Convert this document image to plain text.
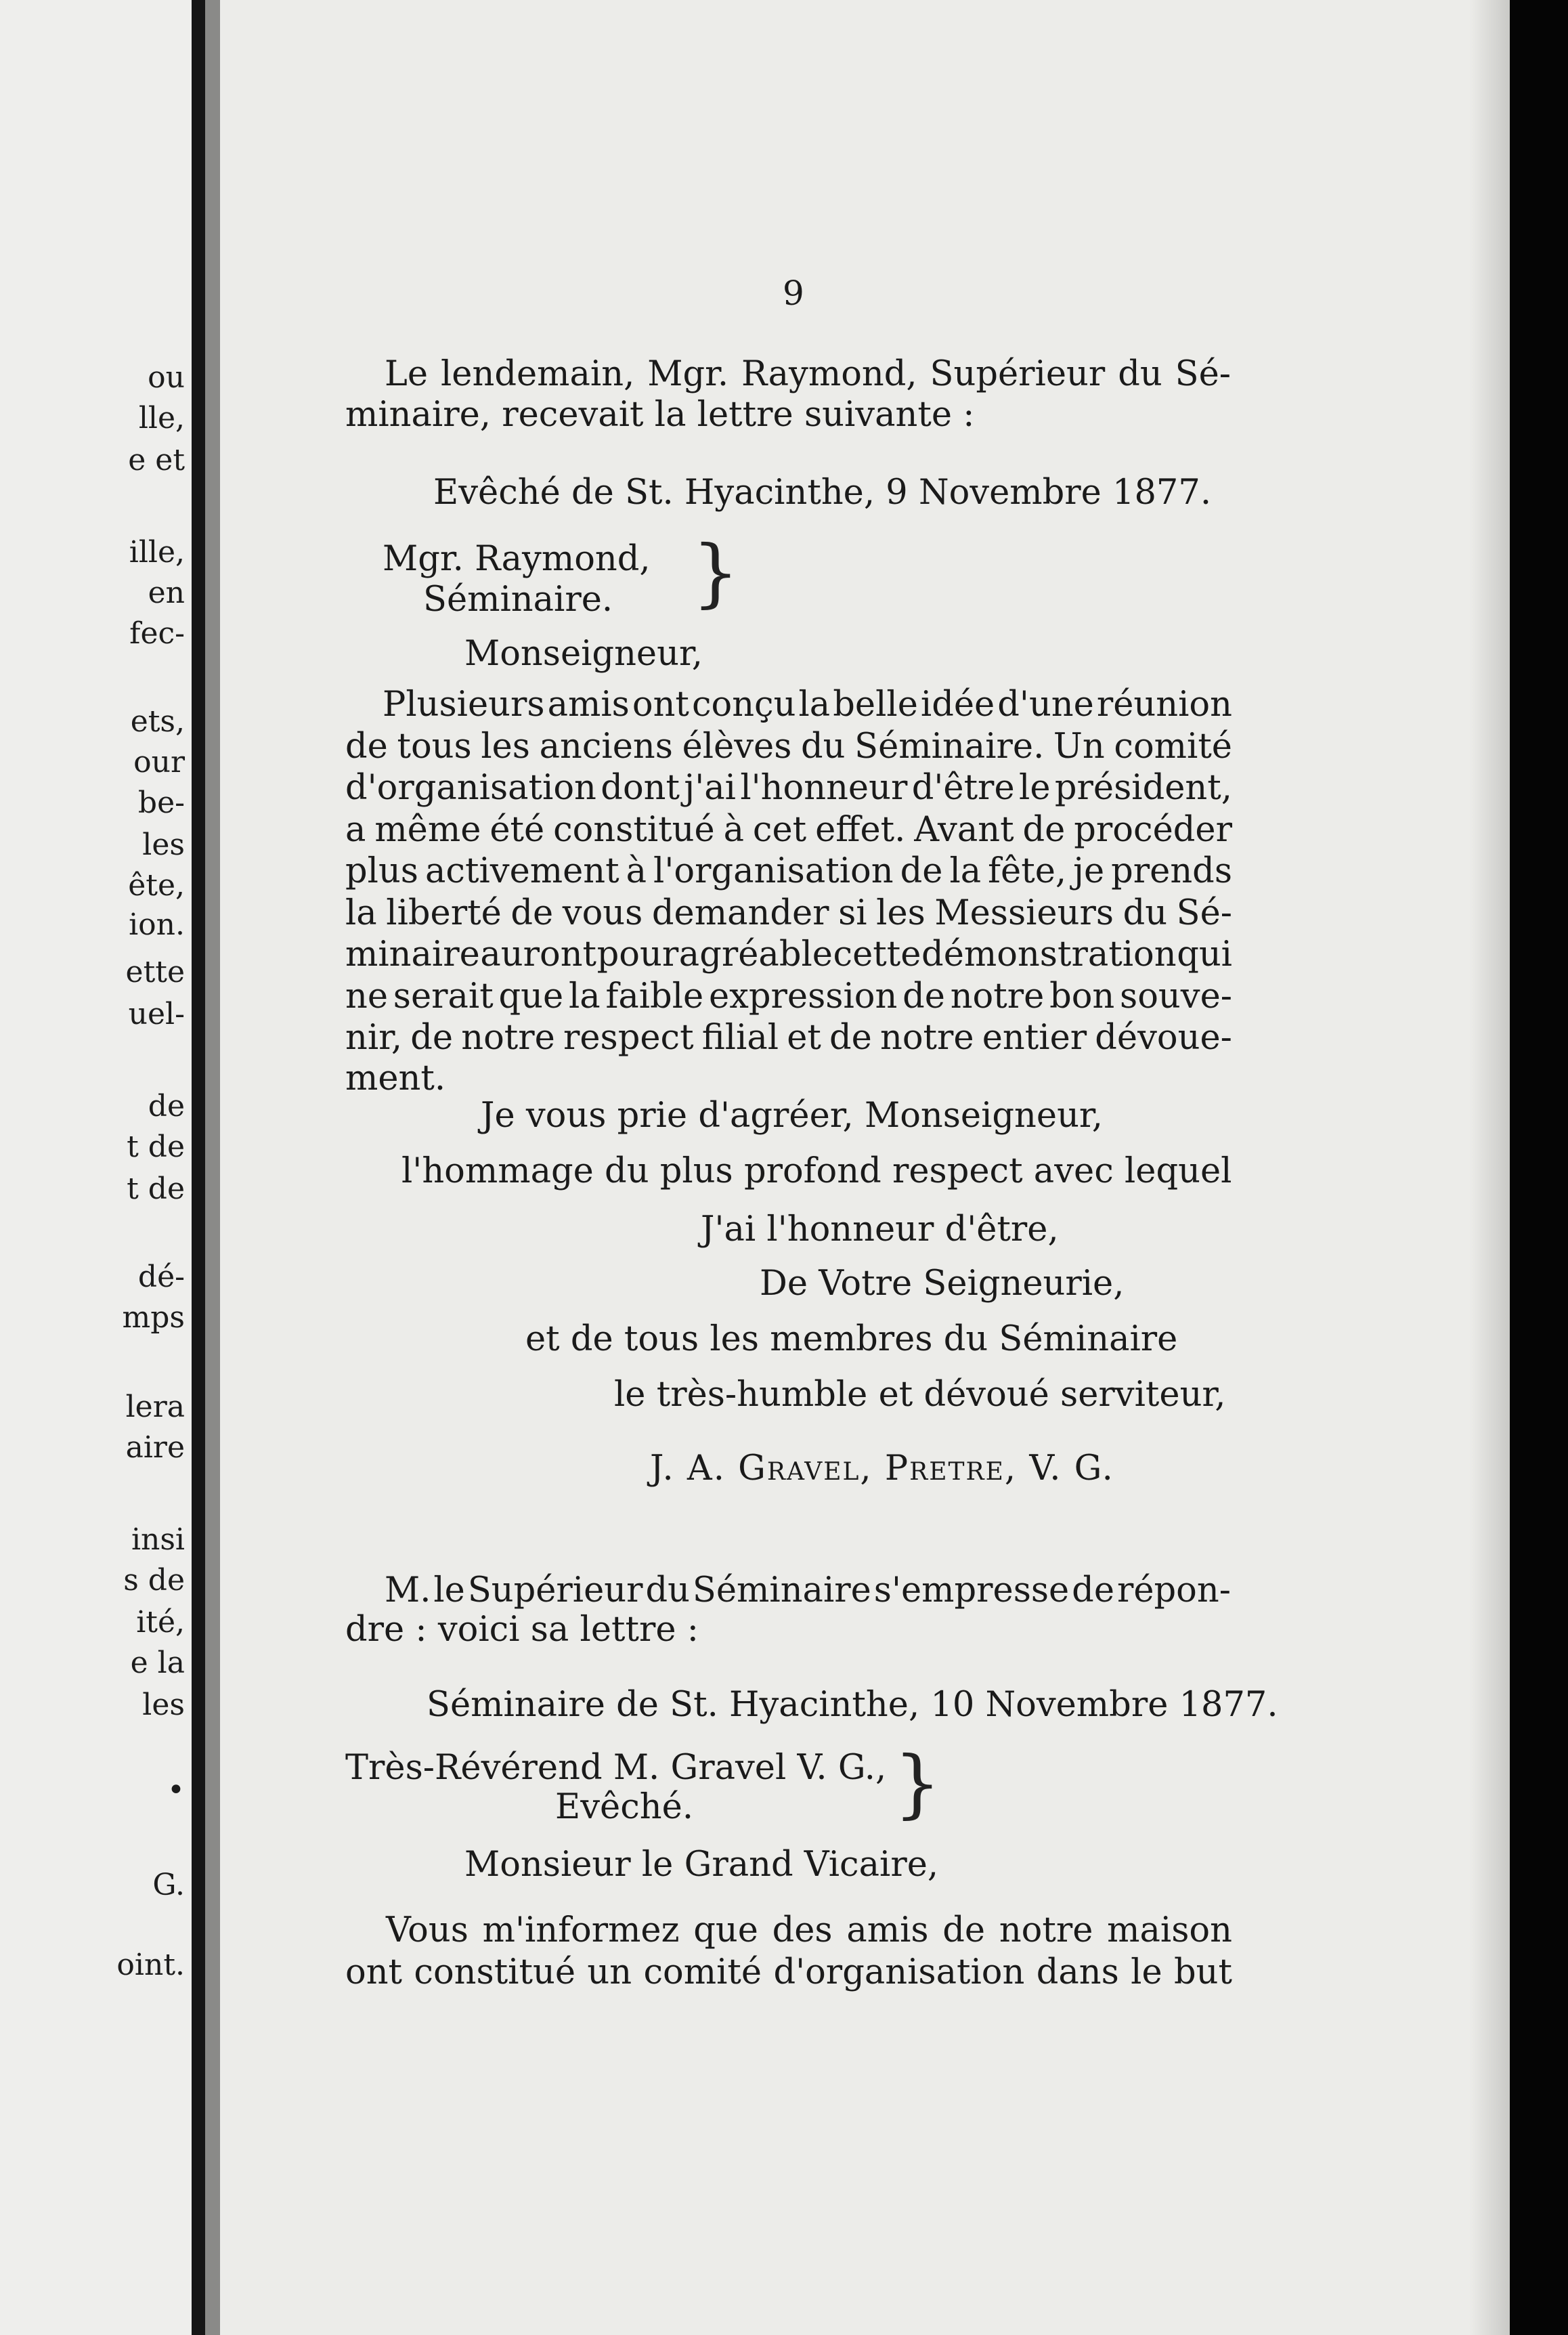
ou
lle,
e et
ille,
en
fec-
ets,
our
be-
les
ête,
ion.
ette
uel-
de
t de
t de
dé-
mps
lera
aire
insi
s de
ité,
e la
les
•
G.
oint.
9
Le lendemain, Mgr. Raymond, Supérieur du Sé-
minaire, recevait la lettre suivante :
Evêché de St. Hyacinthe, 9 Novembre 1877.
Mgr. Raymond,
Séminaire. }
Monseigneur,
Plusieurs amis ont conçu la belle idée d'une réunion
de tous les anciens élèves du Séminaire. Un comité
d'organisation dont j'ai l'honneur d'être le président,
a même été constitué à cet effet. Avant de procéder
plus activement à l'organisation de la fête, je prends
la liberté de vous demander si les Messieurs du Sé-
minaire auront pour agréable cette démonstration qui
ne serait que la faible expression de notre bon souve-
nir, de notre respect filial et de notre entier dévoue-
ment.
Je vous prie d'agréer, Monseigneur,
l'hommage du plus profond respect avec lequel
J'ai l'honneur d'être,
De Votre Seigneurie,
et de tous les membres du Séminaire
le très-humble et dévoué serviteur,
J. A. Gravel, Pretre, V. G.
M. le Supérieur du Séminaire s'empresse de répon-
dre : voici sa lettre :
Séminaire de St. Hyacinthe, 10 Novembre 1877.
Très-Révérend M. Gravel V. G.,
Evêché.	}
Monsieur le Grand Vicaire,
Vous m'informez que des amis de notre maison
ont constitué un comité d'organisation dans le but
